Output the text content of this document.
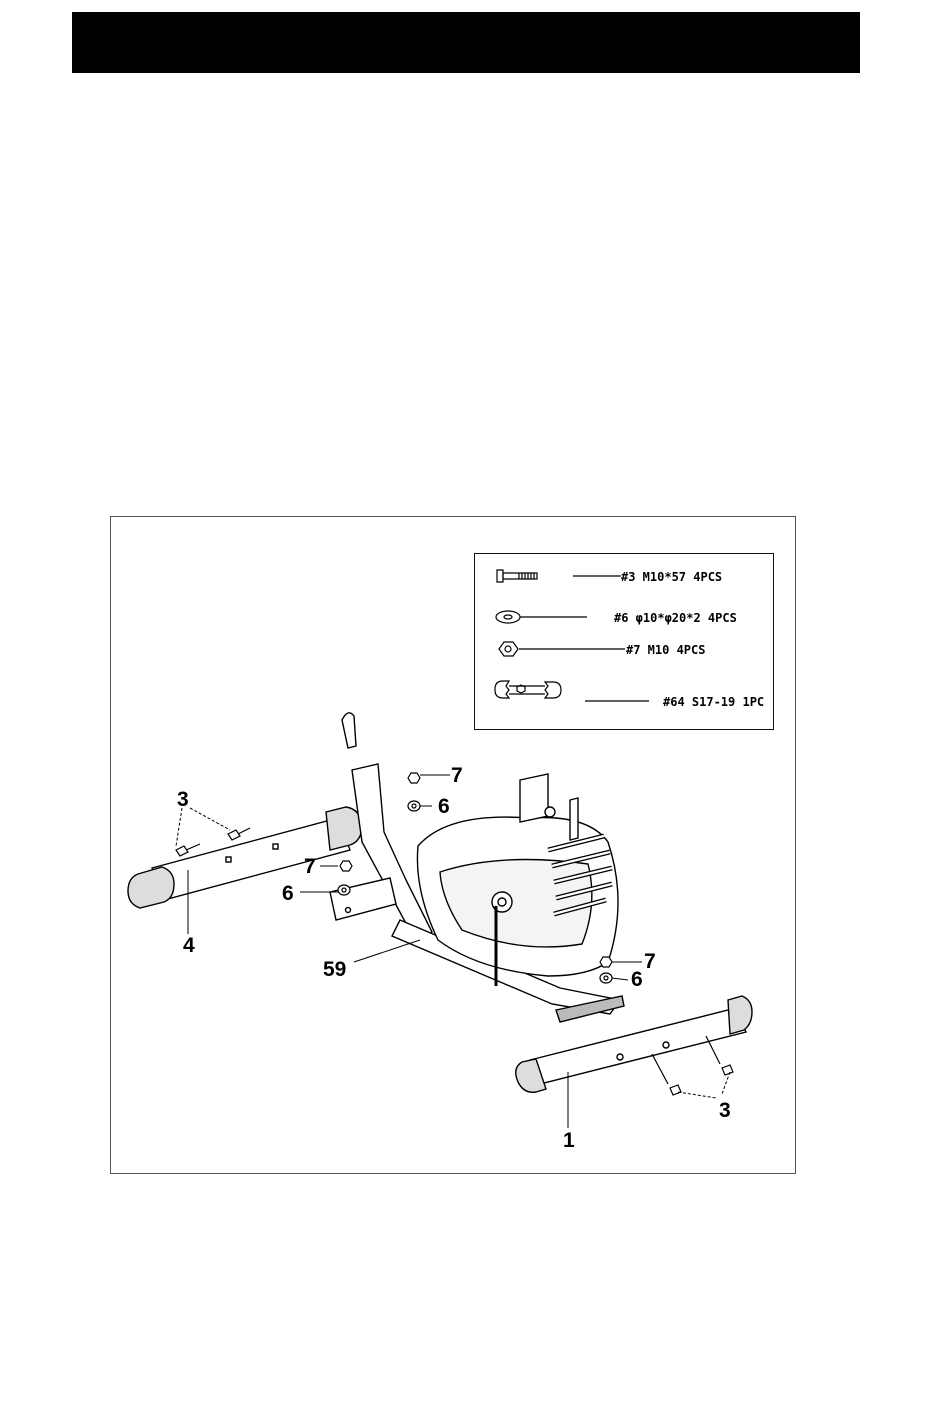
#3 M10*57 4PCS
#6 φ10*φ20*2 4PCS
#7 M10 4PCS
#64 S17-19 1PC
3
4
7
6
7
6
59	7
6
3
1
